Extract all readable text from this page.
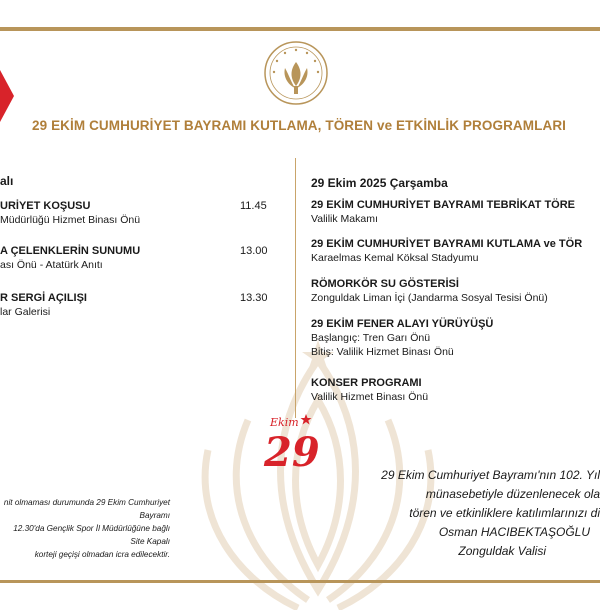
29 EKİM CUMHURİYET BAYRAMI KUTLAMA, TÖREN ve ETKİNLİK PROGRAMLARI
alı
URİYET KOŞUSU
Müdürlüğü Hizmet Binası Önü
11.45
A ÇELENKLERİN SUNUMU
ası Önü - Atatürk Anıtı
13.00
R SERGİ AÇILIŞI
lar Galerisi
13.30
29 Ekim 2025 Çarşamba
29 EKİM CUMHURİYET BAYRAMI TEBRİKAT TÖRE
Valilik Makamı
29 EKİM CUMHURİYET BAYRAMI KUTLAMA ve TÖR
Karaelmas Kemal Köksal Stadyumu
RÖMORKÖR SU GÖSTERİSİ
Zonguldak Liman İçi (Jandarma Sosyal Tesisi Önü)
29 EKİM FENER ALAYI YÜRÜYÜŞÜ
Başlangıç: Tren Garı Önü
Bitiş: Valilik Hizmet Binası Önü
KONSER PROGRAMI
Valilik Hizmet Binası Önü
Ekim
29
nit olmaması durumunda 29 Ekim Cumhuriyet Bayramı
12.30'da Gençlik Spor İl Müdürlüğüne bağlı Site Kapalı
korteji geçişi olmadan icra edilecektir.
29 Ekim Cumhuriyet Bayramı'nın 102. Yıl
münasebetiyle düzenlenecek ola
tören ve etkinliklere katılımlarınızı di
Osman HACIBEKTAŞOĞLU
Zonguldak Valisi
